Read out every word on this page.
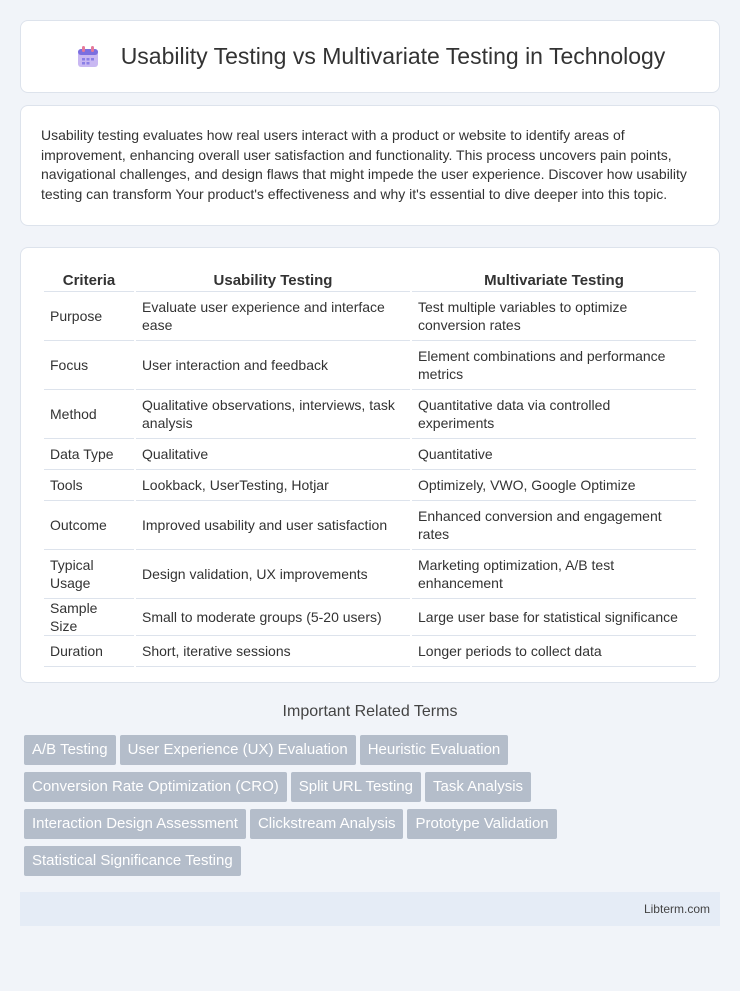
Usability Testing vs Multivariate Testing in Technology
Usability testing evaluates how real users interact with a product or website to identify areas of improvement, enhancing overall user satisfaction and functionality. This process uncovers pain points, navigational challenges, and design flaws that might impede the user experience. Discover how usability testing can transform Your product's effectiveness and why it's essential to dive deeper into this topic.
Criteria	Usability Testing	Multivariate Testing
Purpose	Evaluate user experience and interface ease	Test multiple variables to optimize conversion rates
Focus	User interaction and feedback	Element combinations and performance metrics
Method	Qualitative observations, interviews, task analysis	Quantitative data via controlled experiments
Data Type	Qualitative	Quantitative
Tools	Lookback, UserTesting, Hotjar	Optimizely, VWO, Google Optimize
Outcome	Improved usability and user satisfaction	Enhanced conversion and engagement rates
Typical Usage	Design validation, UX improvements	Marketing optimization, A/B test enhancement
Sample Size	Small to moderate groups (5-20 users)	Large user base for statistical significance
Duration	Short, iterative sessions	Longer periods to collect data
Important Related Terms
A/B Testing	User Experience (UX) Evaluation	Heuristic Evaluation
Conversion Rate Optimization (CRO)	Split URL Testing	Task Analysis
Interaction Design Assessment	Clickstream Analysis	Prototype Validation
Statistical Significance Testing
Libterm.com
